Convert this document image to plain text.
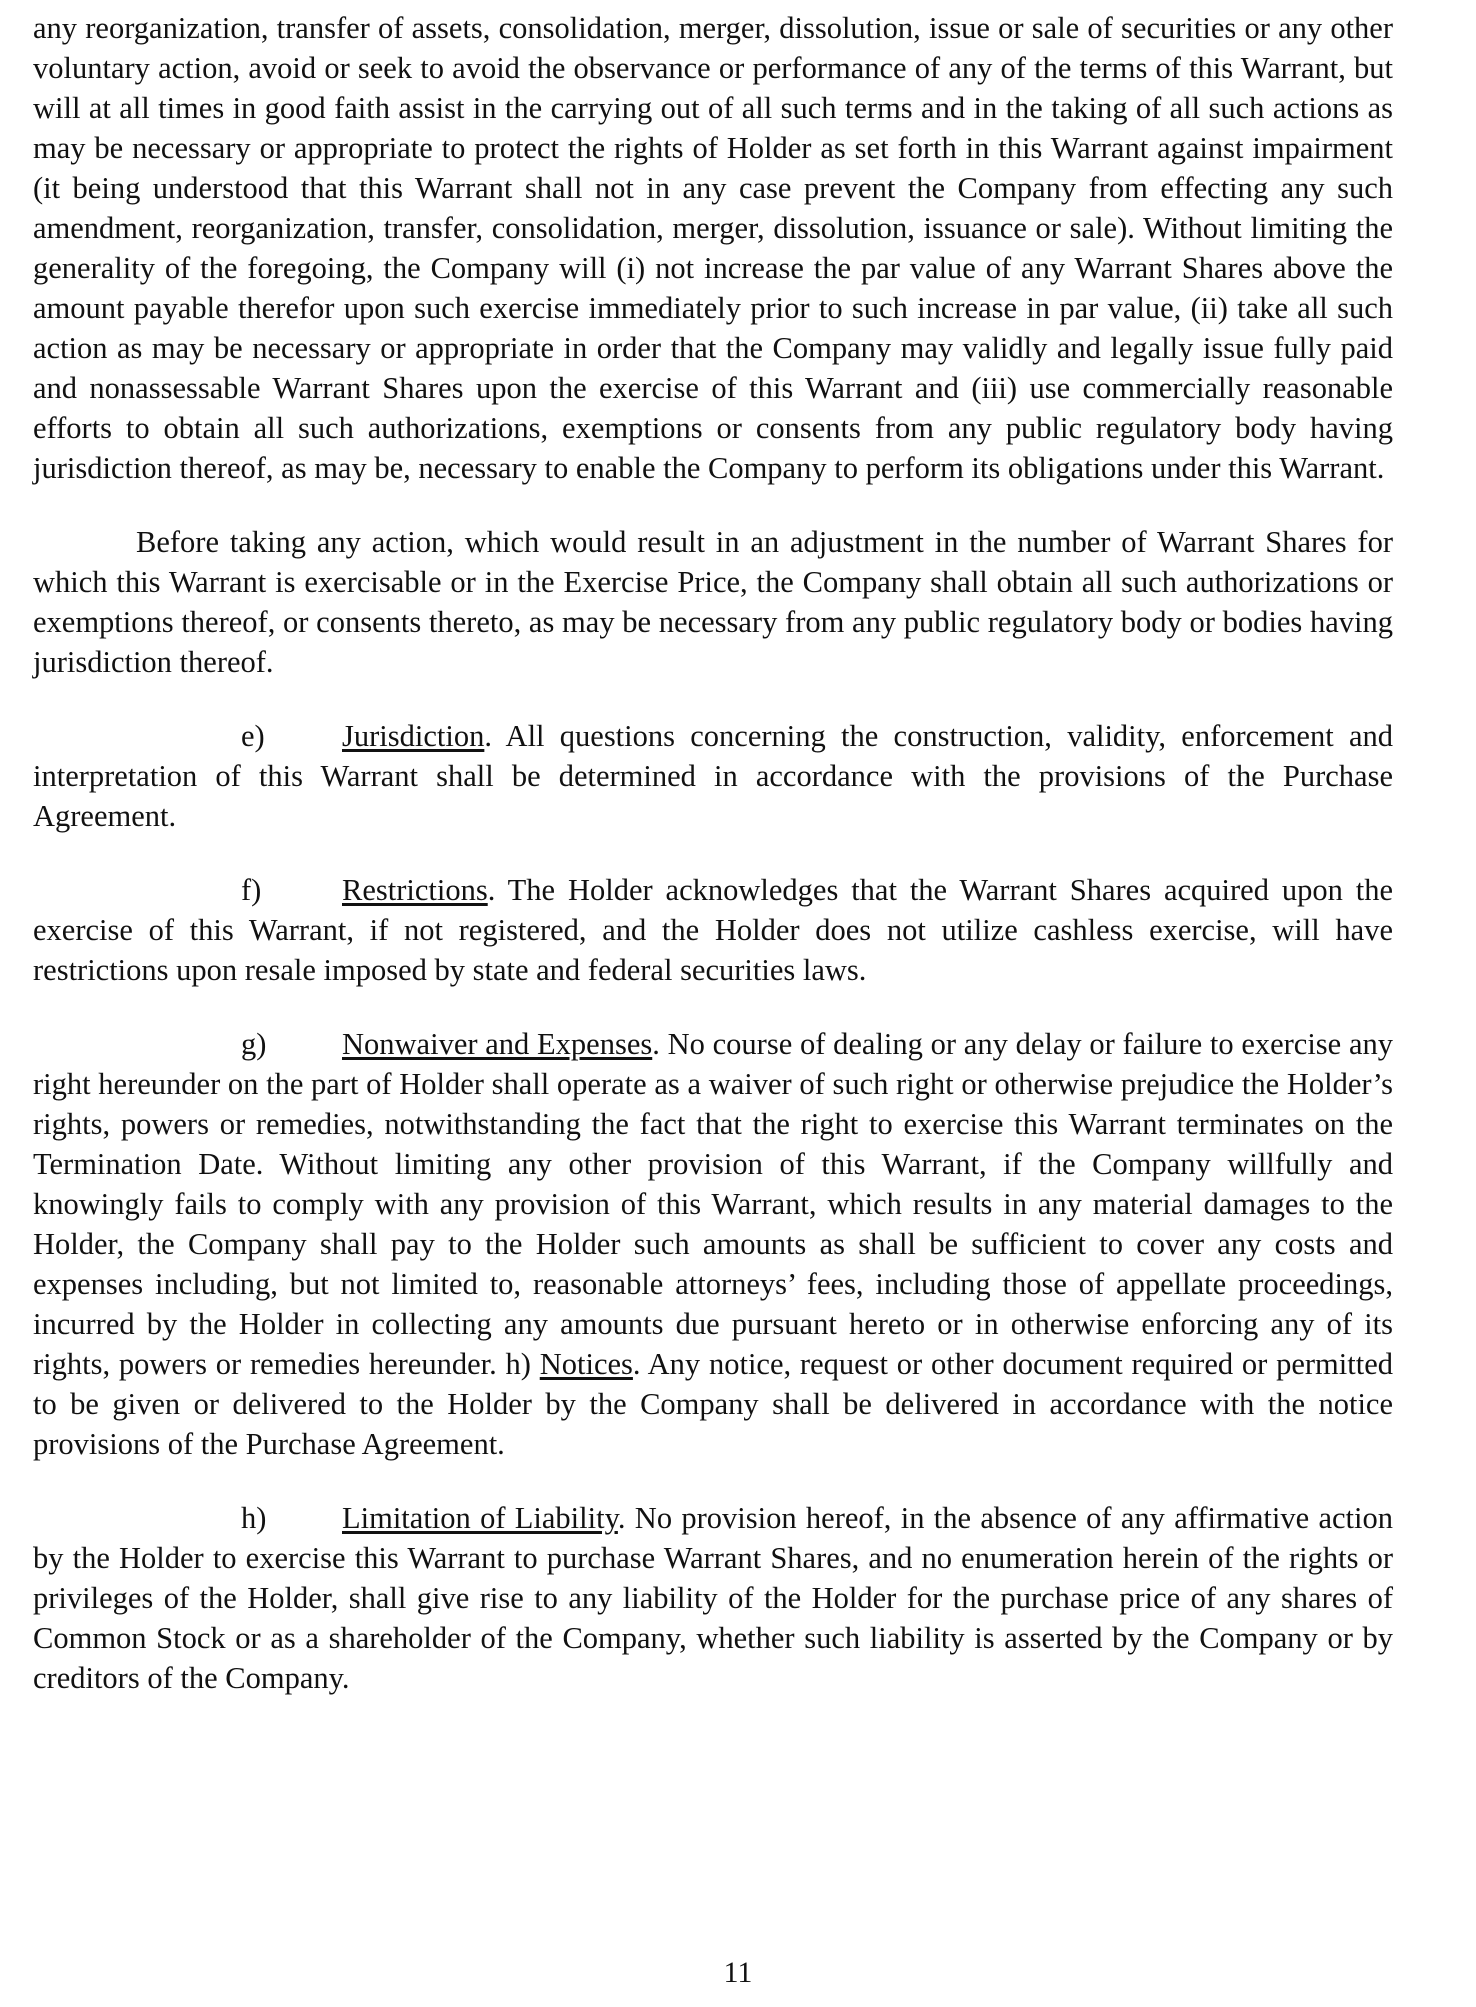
any reorganization, transfer of assets, consolidation, merger, dissolution, issue or sale of securities or any other voluntary action, avoid or seek to avoid the observance or performance of any of the terms of this Warrant, but will at all times in good faith assist in the carrying out of all such terms and in the taking of all such actions as may be necessary or appropriate to protect the rights of Holder as set forth in this Warrant against impairment (it being understood that this Warrant shall not in any case prevent the Company from effecting any such amendment, reorganization, transfer, consolidation, merger, dissolution, issuance or sale). Without limiting the generality of the foregoing, the Company will (i) not increase the par value of any Warrant Shares above the amount payable therefor upon such exercise immediately prior to such increase in par value, (ii) take all such action as may be necessary or appropriate in order that the Company may validly and legally issue fully paid and nonassessable Warrant Shares upon the exercise of this Warrant and (iii) use commercially reasonable efforts to obtain all such authorizations, exemptions or consents from any public regulatory body having jurisdiction thereof, as may be, necessary to enable the Company to perform its obligations under this Warrant.

Before taking any action, which would result in an adjustment in the number of Warrant Shares for which this Warrant is exercisable or in the Exercise Price, the Company shall obtain all such authorizations or exemptions thereof, or consents thereto, as may be necessary from any public regulatory body or bodies having jurisdiction thereof.

e)	Jurisdiction. All questions concerning the construction, validity, enforcement and interpretation of this Warrant shall be determined in accordance with the provisions of the Purchase Agreement.

f)	Restrictions. The Holder acknowledges that the Warrant Shares acquired upon the exercise of this Warrant, if not registered, and the Holder does not utilize cashless exercise, will have restrictions upon resale imposed by state and federal securities laws.

g) Nonwaiver and Expenses. No course of dealing or any delay or failure to exercise any right hereunder on the part of Holder shall operate as a waiver of such right or otherwise prejudice the Holder’s rights, powers or remedies, notwithstanding the fact that the right to exercise this Warrant terminates on the Termination Date. Without limiting any other provision of this Warrant, if the Company willfully and knowingly fails to comply with any provision of this Warrant, which results in any material damages to the Holder, the Company shall pay to the Holder such amounts as shall be sufficient to cover any costs and expenses including, but not limited to, reasonable attorneys’ fees, including those of appellate proceedings, incurred by the Holder in collecting any amounts due pursuant hereto or in otherwise enforcing any of its rights, powers or remedies hereunder. h) Notices. Any notice, request or other document required or permitted to be given or delivered to the Holder by the Company shall be delivered in accordance with the notice provisions of the Purchase Agreement.

h) Limitation of Liability. No provision hereof, in the absence of any affirmative action by the Holder to exercise this Warrant to purchase Warrant Shares, and no enumeration herein of the rights or privileges of the Holder, shall give rise to any liability of the Holder for the purchase price of any shares of Common Stock or as a shareholder of the Company, whether such liability is asserted by the Company or by creditors of the Company.

11
